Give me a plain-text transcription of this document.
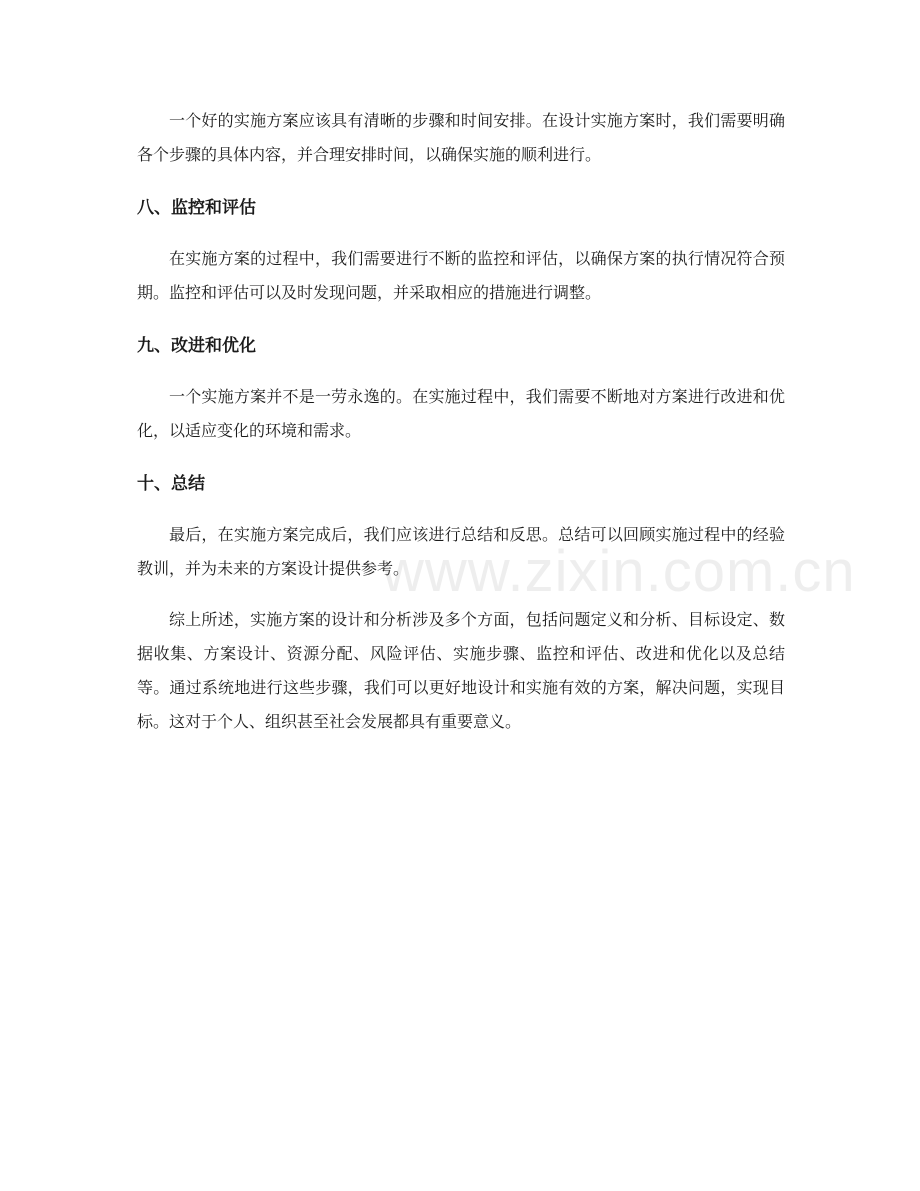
一个好的实施方案应该具有清晰的步骤和时间安排。在设计实施方案时，我们需要明确各个步骤的具体内容，并合理安排时间，以确保实施的顺利进行。

八、监控和评估

在实施方案的过程中，我们需要进行不断的监控和评估，以确保方案的执行情况符合预期。监控和评估可以及时发现问题，并采取相应的措施进行调整。

九、改进和优化

一个实施方案并不是一劳永逸的。在实施过程中，我们需要不断地对方案进行改进和优化，以适应变化的环境和需求。

十、总结

最后，在实施方案完成后，我们应该进行总结和反思。总结可以回顾实施过程中的经验教训，并为未来的方案设计提供参考。

综上所述，实施方案的设计和分析涉及多个方面，包括问题定义和分析、目标设定、数据收集、方案设计、资源分配、风险评估、实施步骤、监控和评估、改进和优化以及总结等。通过系统地进行这些步骤，我们可以更好地设计和实施有效的方案，解决问题，实现目标。这对于个人、组织甚至社会发展都具有重要意义。

www.zixin.com.cn
